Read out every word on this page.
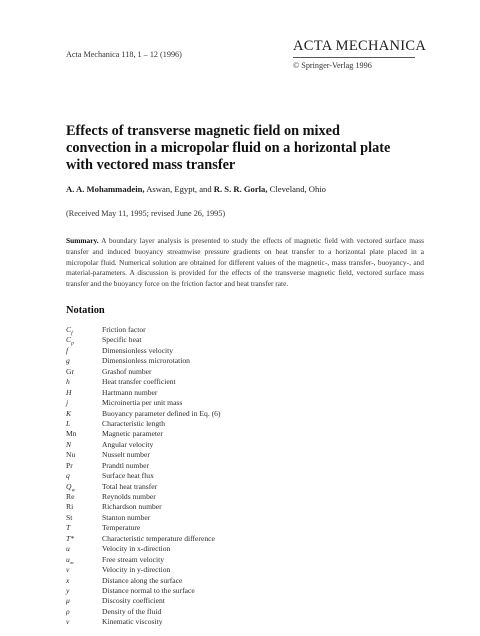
Acta Mechanica 118, 1 – 12 (1996)
ACTA MECHANICA
© Springer-Verlag 1996
Effects of transverse magnetic field on mixed convection in a micropolar fluid on a horizontal plate with vectored mass transfer
A. A. Mohammadein, Aswan, Egypt, and R. S. R. Gorla, Cleveland, Ohio
(Received May 11, 1995; revised June 26, 1995)
Summary. A boundary layer analysis is presented to study the effects of magnetic field with vectored surface mass transfer and induced buoyancy streamwise pressure gradients on heat transfer to a horizontal plate placed in a micropolar fluid. Numerical solution are obtained for different values of the magnetic-, mass transfer-, buoyancy-, and material-parameters. A discussion is provided for the effects of the transverse magnetic field, vectored surface mass transfer and the buoyancy force on the friction factor and heat transfer rate.
Notation
$C_f$	Friction factor
$C_p$	Specific heat
f	Dimensionless velocity
g	Dimensionless microrotation
Gr	Grashof number
h	Heat transfer coefficient
H	Hartmann number
j	Microinertia per unit mass
K	Buoyancy parameter defined in Eq. (6)
L	Characteristic length
Mn	Magnetic parameter
N	Angular velocity
Nu	Nusselt number
Pr	Prandtl number
q	Surface heat flux
$Q_w$	Total heat transfer
Re	Reynolds number
Ri	Richardson number
St	Stanton number
T	Temperature
T*	Characteristic temperature difference
u	Velocity in x-direction
$u_\infty$	Free stream velocity
v	Velocity in y-direction
x	Distance along the surface
y	Distance normal to the surface
μ	Discosity coefficient
ρ	Density of the fluid
ν	Kinematic viscosity
